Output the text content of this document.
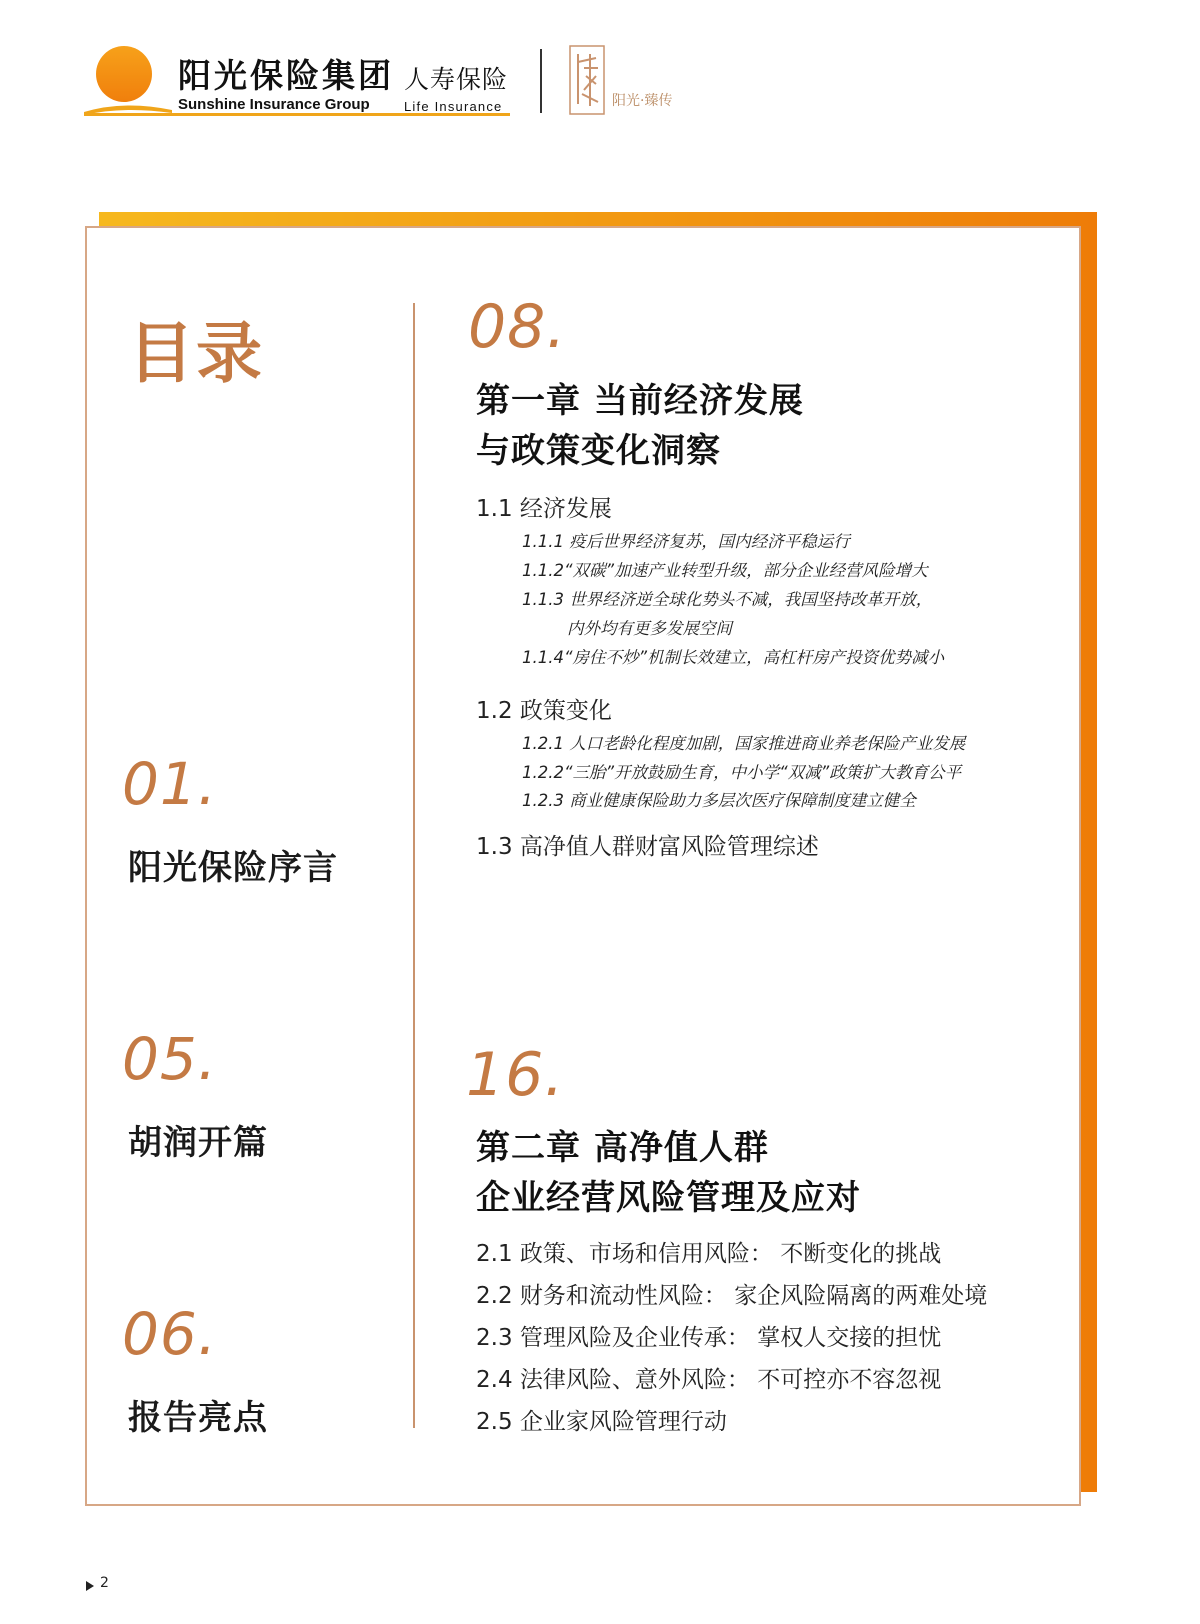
阳光保险集团
Sunshine Insurance Group
人寿保险
Life Insurance	阳光·臻传
目录
01.
阳光保险序言
05.
胡润开篇
06.
报告亮点
08.
第一章 当前经济发展
与政策变化洞察
1.1 经济发展
1.1.1 疫后世界经济复苏，国内经济平稳运行
1.1.2“双碳”加速产业转型升级，部分企业经营风险增大
1.1.3 世界经济逆全球化势头不减，我国坚持改革开放，
内外均有更多发展空间
1.1.4“房住不炒”机制长效建立，高杠杆房产投资优势减小
1.2 政策变化
1.2.1 人口老龄化程度加剧，国家推进商业养老保险产业发展
1.2.2“三胎”开放鼓励生育，中小学“双减”政策扩大教育公平
1.2.3 商业健康保险助力多层次医疗保障制度建立健全
1.3 高净值人群财富风险管理综述
16.
第二章 高净值人群
企业经营风险管理及应对
2.1 政策、市场和信用风险： 不断变化的挑战
2.2 财务和流动性风险： 家企风险隔离的两难处境
2.3 管理风险及企业传承： 掌权人交接的担忧
2.4 法律风险、意外风险： 不可控亦不容忽视
2.5 企业家风险管理行动
2
